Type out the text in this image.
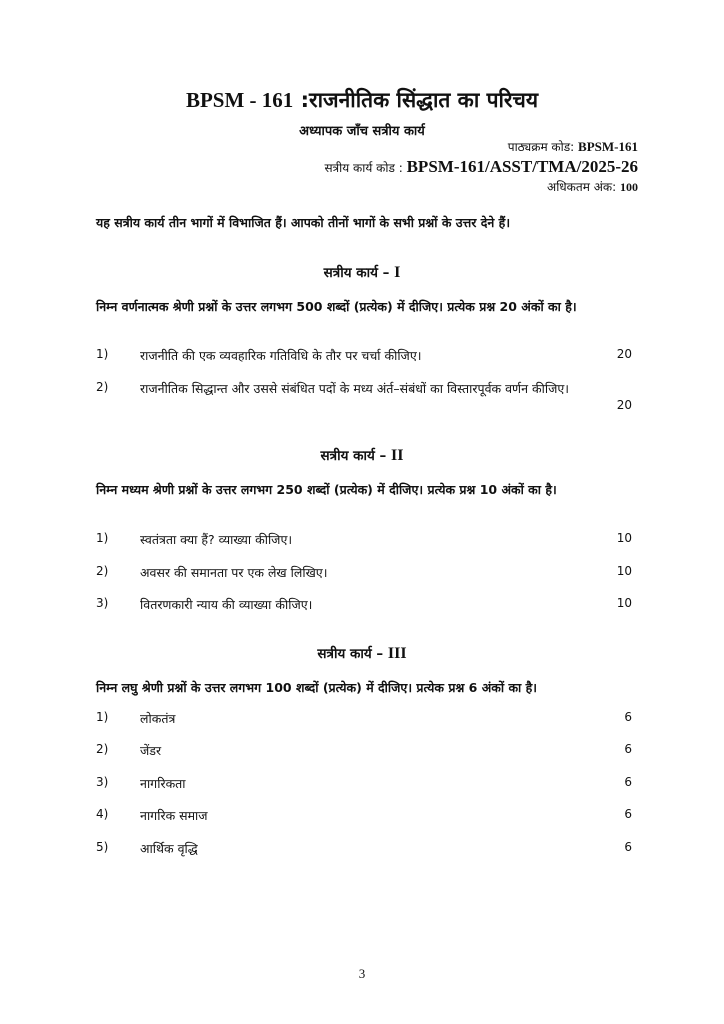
BPSM - 161 :राजनीतिक सिंद्धात का परिचय
अध्यापक जाँच सत्रीय कार्य
पाठ्यक्रम कोड: BPSM-161
सत्रीय कार्य कोड : BPSM-161/ASST/TMA/2025-26
अधिकतम अंक: 100
यह सत्रीय कार्य तीन भागों में विभाजित हैं। आपको तीनों भागों के सभी प्रश्नों के उत्तर देने हैं।
सत्रीय कार्य – I
निम्न वर्णनात्मक श्रेणी प्रश्नों के उत्तर लगभग 500 शब्दों (प्रत्येक) में दीजिए। प्रत्येक प्रश्न 20 अंकों का है।
1)	राजनीति की एक व्यवहारिक गतिविधि के तौर पर चर्चा कीजिए।	20
2)	राजनीतिक सिद्धान्त और उससे संबंधित पदों के मध्य अंर्त–संबंधों का विस्तारपूर्वक वर्णन कीजिए।
20
सत्रीय कार्य – II
निम्न मध्यम श्रेणी प्रश्नों के उत्तर लगभग 250 शब्दों (प्रत्येक) में दीजिए। प्रत्येक प्रश्न 10 अंकों का है।
1)	स्वतंत्रता क्या हैं? व्याख्या कीजिए।	10
2)	अवसर की समानता पर एक लेख लिखिए।	10
3)	वितरणकारी न्याय की व्याख्या कीजिए।	10
सत्रीय कार्य – III
निम्न लघु श्रेणी प्रश्नों के उत्तर लगभग 100 शब्दों (प्रत्येक) में दीजिए। प्रत्येक प्रश्न 6 अंकों का है।
1)	लोकतंत्र	6
2)	जेंडर	6
3)	नागरिकता	6
4)	नागरिक समाज	6
5)	आर्थिक वृद्धि	6
3
